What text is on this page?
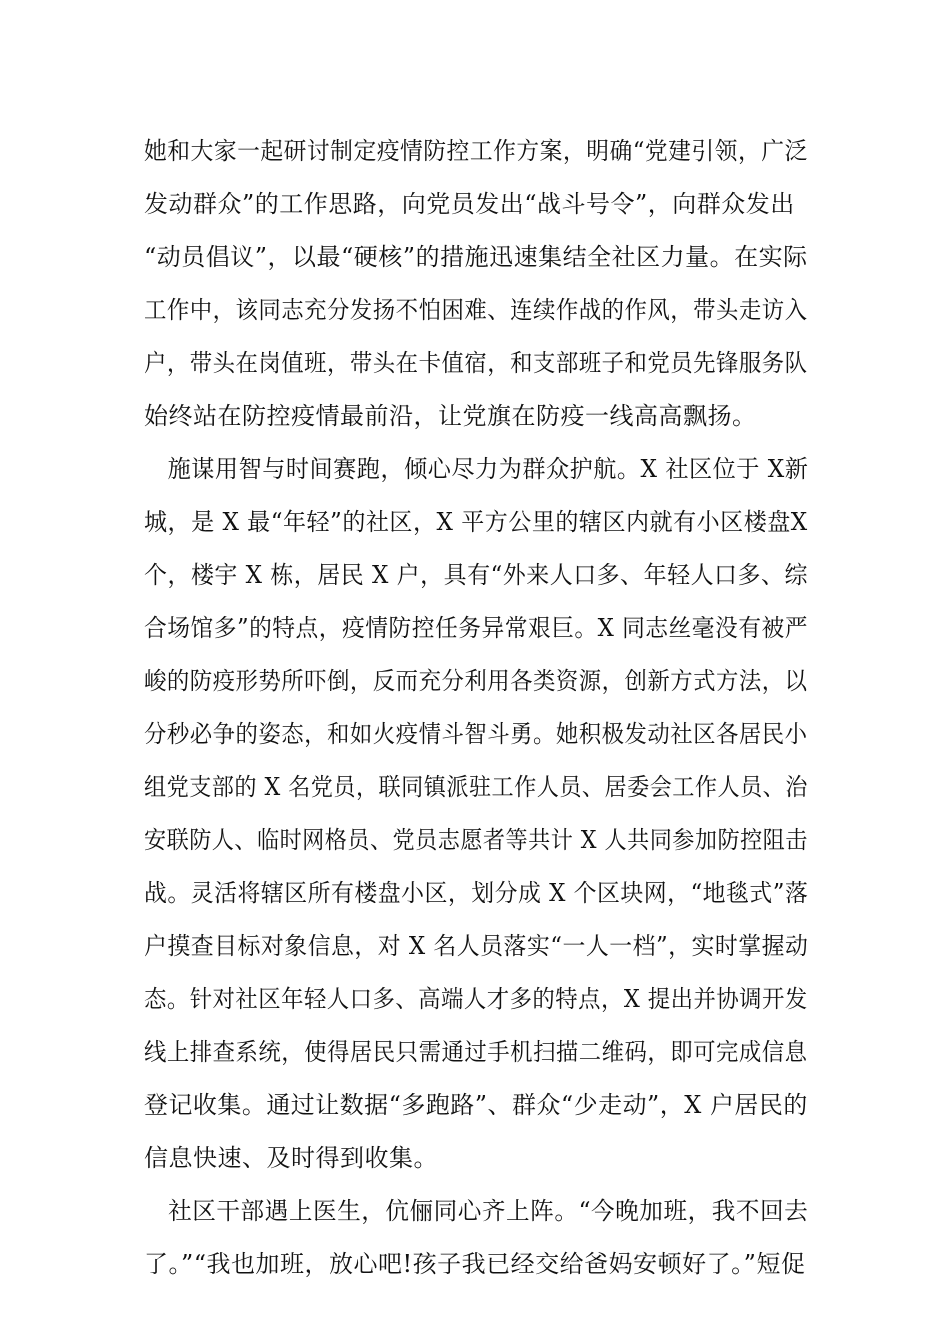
她和大家一起研讨制定疫情防控工作方案，明确“党建引领，广泛
发动群众”的工作思路，向党员发出“战斗号令”，向群众发出
“动员倡议”，以最“硬核”的措施迅速集结全社区力量。在实际
工作中，该同志充分发扬不怕困难、连续作战的作风，带头走访入
户，带头在岗值班，带头在卡值宿，和支部班子和党员先锋服务队
始终站在防控疫情最前沿，让党旗在防疫一线高高飘扬。
　施谋用智与时间赛跑，倾心尽力为群众护航。X 社区位于 X新
城，是 X 最“年轻”的社区，X 平方公里的辖区内就有小区楼盘X
个，楼宇 X 栋，居民 X 户，具有“外来人口多、年轻人口多、综
合场馆多”的特点，疫情防控任务异常艰巨。X 同志丝毫没有被严
峻的防疫形势所吓倒，反而充分利用各类资源，创新方式方法，以
分秒必争的姿态，和如火疫情斗智斗勇。她积极发动社区各居民小
组党支部的 X 名党员，联同镇派驻工作人员、居委会工作人员、治
安联防人、临时网格员、党员志愿者等共计 X 人共同参加防控阻击
战。灵活将辖区所有楼盘小区，划分成 X 个区块网，“地毯式”落
户摸查目标对象信息，对 X 名人员落实“一人一档”，实时掌握动
态。针对社区年轻人口多、高端人才多的特点，X 提出并协调开发
线上排查系统，使得居民只需通过手机扫描二维码，即可完成信息
登记收集。通过让数据“多跑路”、群众“少走动”，X 户居民的
信息快速、及时得到收集。
　社区干部遇上医生，伉俪同心齐上阵。“今晚加班，我不回去
了。”“我也加班，放心吧!孩子我已经交给爸妈安顿好了。”短促
